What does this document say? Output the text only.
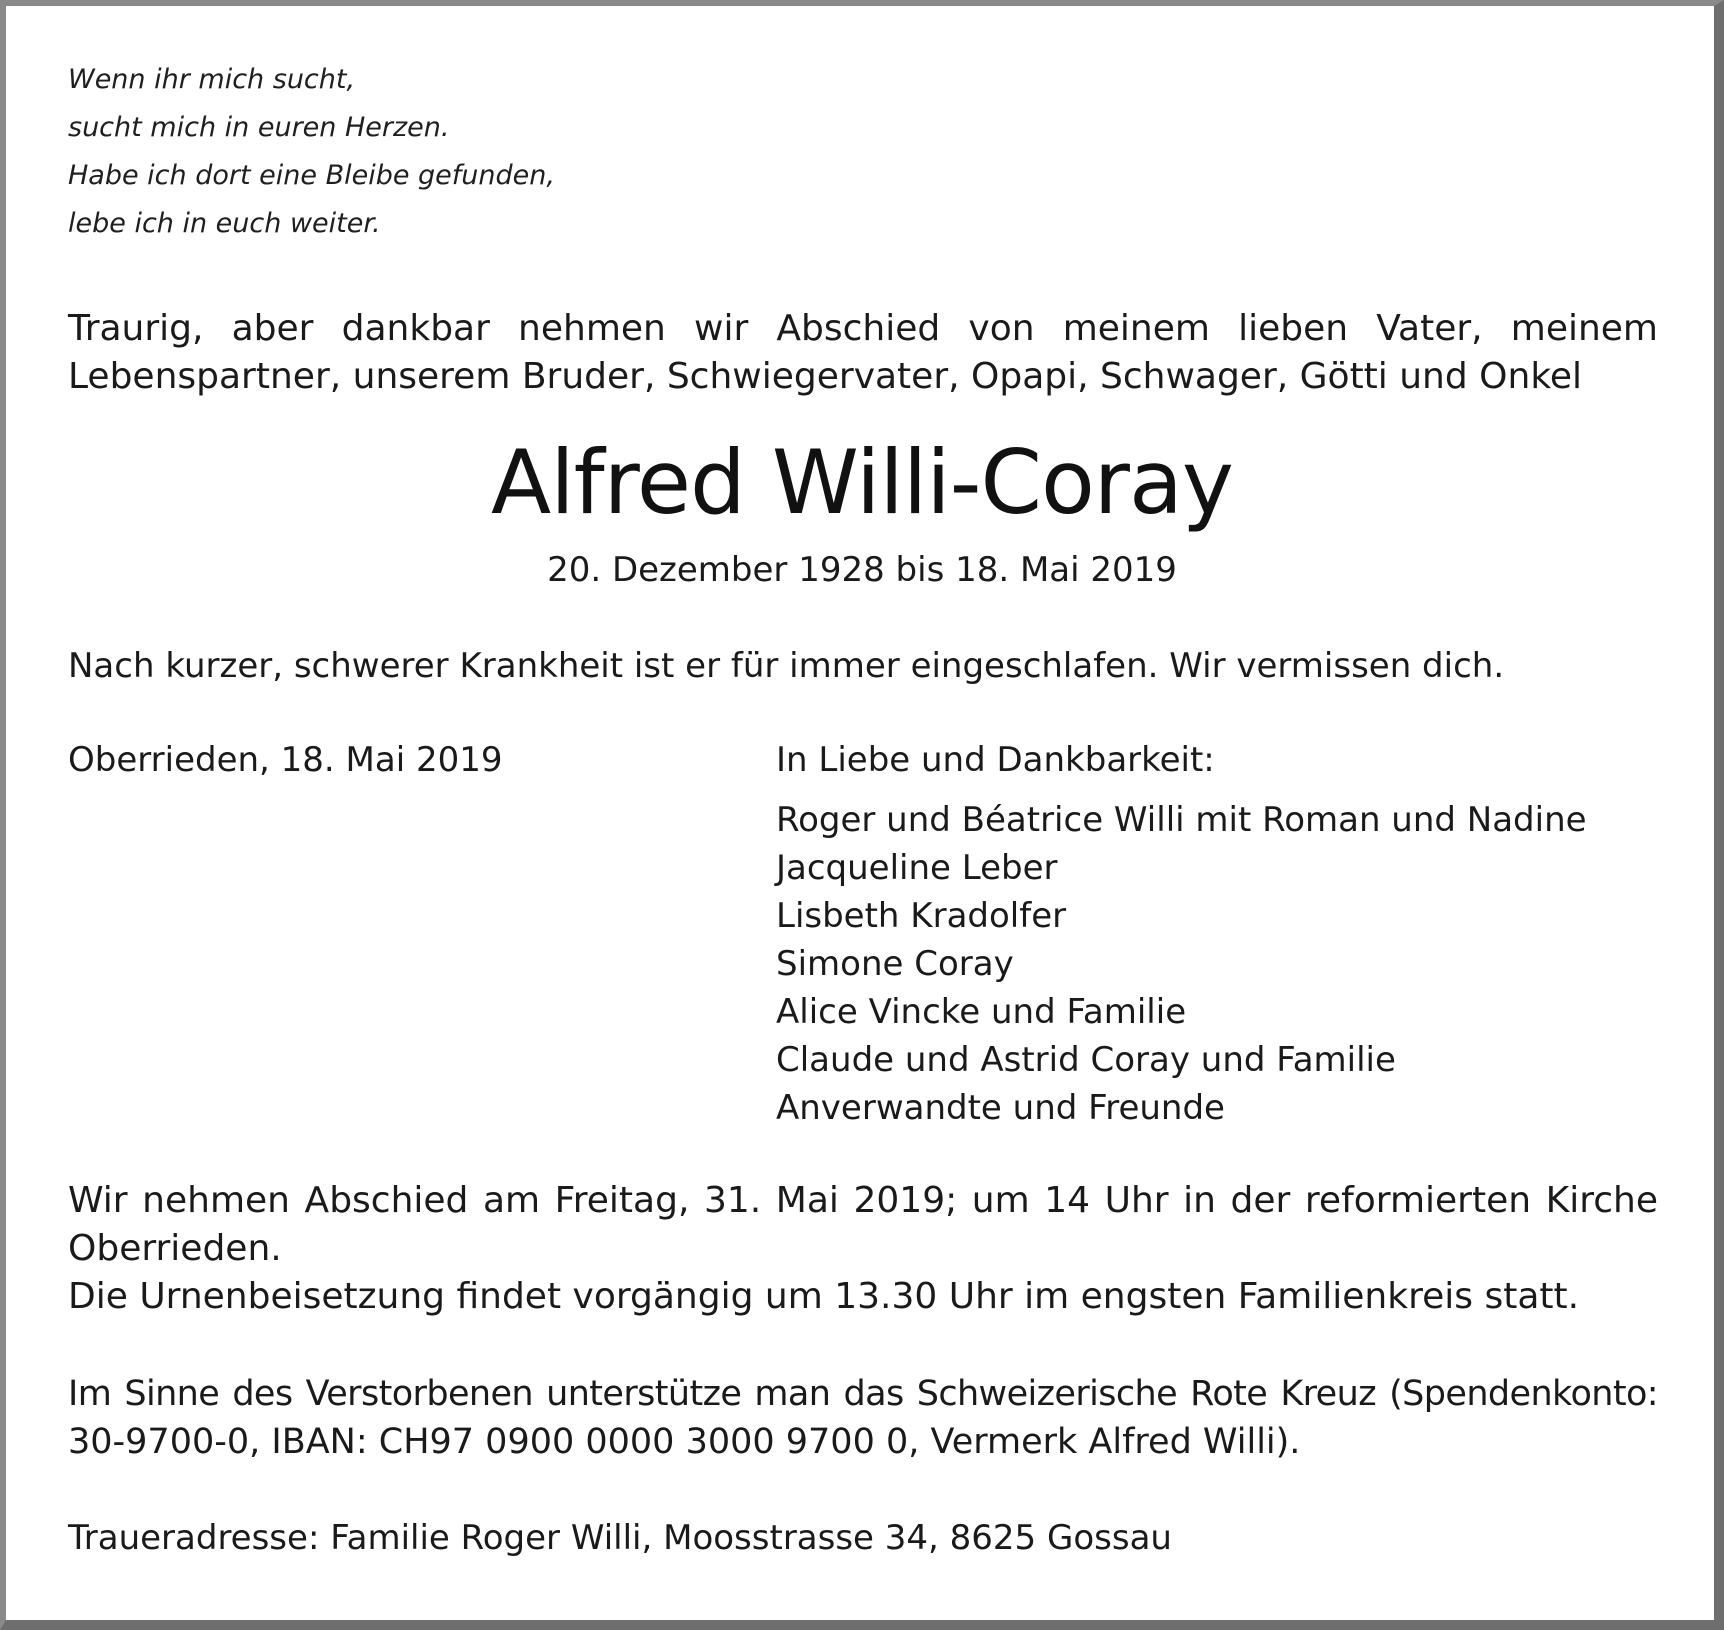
Wenn ihr mich sucht,
sucht mich in euren Herzen.
Habe ich dort eine Bleibe gefunden,
lebe ich in euch weiter.
Traurig, aber dankbar nehmen wir Abschied von meinem lieben Vater, meinem
Lebenspartner, unserem Bruder, Schwiegervater, Opapi, Schwager, Götti und Onkel
Alfred Willi-Coray
20. Dezember 1928 bis 18. Mai 2019
Nach kurzer, schwerer Krankheit ist er für immer eingeschlafen. Wir vermissen dich.
Oberrieden, 18. Mai 2019	In Liebe und Dankbarkeit:
Roger und Béatrice Willi mit Roman und Nadine
Jacqueline Leber
Lisbeth Kradolfer
Simone Coray
Alice Vincke und Familie
Claude und Astrid Coray und Familie
Anverwandte und Freunde
Wir nehmen Abschied am Freitag, 31. Mai 2019; um 14 Uhr in der reformierten Kirche
Oberrieden.
Die Urnenbeisetzung findet vorgängig um 13.30 Uhr im engsten Familienkreis statt.
Im Sinne des Verstorbenen unterstütze man das Schweizerische Rote Kreuz (Spendenkonto:
30-9700-0, IBAN: CH97 0900 0000 3000 9700 0, Vermerk Alfred Willi).
Traueradresse: Familie Roger Willi, Moosstrasse 34, 8625 Gossau
